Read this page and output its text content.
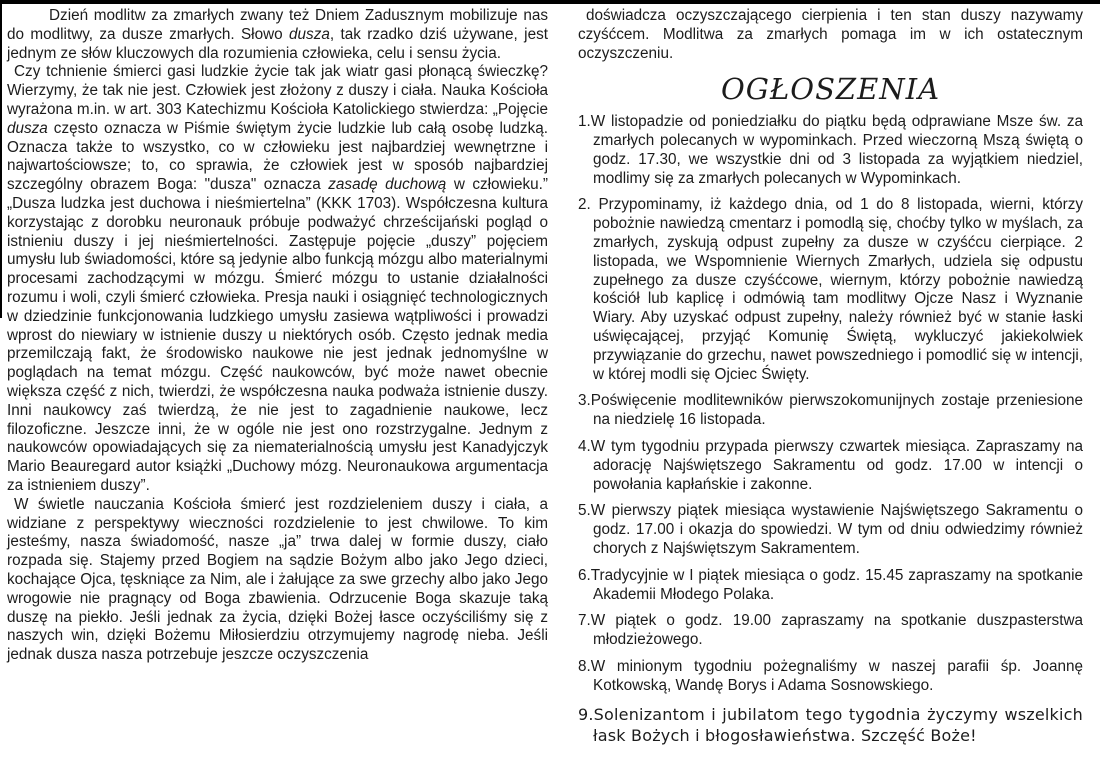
Dzień modlitw za zmarłych zwany też Dniem Zadusznym mobilizuje nas do modlitwy, za dusze zmarłych. Słowo dusza, tak rzadko dziś używane, jest jednym ze słów kluczowych dla rozumienia człowieka, celu i sensu życia.

Czy tchnienie śmierci gasi ludzkie życie tak jak wiatr gasi płonącą świeczkę? Wierzymy, że tak nie jest. Człowiek jest złożony z duszy i ciała. Nauka Kościoła wyrażona m.in. w art. 303 Katechizmu Kościoła Katolickiego stwierdza: „Pojęcie dusza często oznacza w Piśmie świętym życie ludzkie lub całą osobę ludzką. Oznacza także to wszystko, co w człowieku jest najbardziej wewnętrzne i najwartościowsze; to, co sprawia, że człowiek jest w sposób najbardziej szczególny obrazem Boga: "dusza" oznacza zasadę duchową w człowieku.” „Dusza ludzka jest duchowa i nieśmiertelna” (KKK 1703). Współczesna kultura korzystając z dorobku neuronauk próbuje podważyć chrześcijański pogląd o istnieniu duszy i jej nieśmiertelności. Zastępuje pojęcie „duszy” pojęciem umysłu lub świadomości, które są jedynie albo funkcją mózgu albo materialnymi procesami zachodzącymi w mózgu. Śmierć mózgu to ustanie działalności rozumu i woli, czyli śmierć człowieka. Presja nauki i osiągnięć technologicznych w dziedzinie funkcjonowania ludzkiego umysłu zasiewa wątpliwości i prowadzi wprost do niewiary w istnienie duszy u niektórych osób. Często jednak media przemilczają fakt, że środowisko naukowe nie jest jednak jednomyślne w poglądach na temat mózgu. Część naukowców, być może nawet obecnie większa część z nich, twierdzi, że współczesna nauka podważa istnienie duszy. Inni naukowcy zaś twierdzą, że nie jest to zagadnienie naukowe, lecz filozoficzne. Jeszcze inni, że w ogóle nie jest ono rozstrzygalne. Jednym z naukowców opowiadających się za niematerialnością umysłu jest Kanadyjczyk Mario Beauregard autor książki „Duchowy mózg. Neuronaukowa argumentacja za istnieniem duszy”.

W świetle nauczania Kościoła śmierć jest rozdzieleniem duszy i ciała, a widziane z perspektywy wieczności rozdzielenie to jest chwilowe. To kim jesteśmy, nasza świadomość, nasze „ja” trwa dalej w formie duszy, ciało rozpada się. Stajemy przed Bogiem na sądzie Bożym albo jako Jego dzieci, kochające Ojca, tęskniące za Nim, ale i żałujące za swe grzechy albo jako Jego wrogowie nie pragnący od Boga zbawienia. Odrzucenie Boga skazuje taką duszę na piekło. Jeśli jednak za życia, dzięki Bożej łasce oczyściliśmy się z naszych win, dzięki Bożemu Miłosierdziu otrzymujemy nagrodę nieba. Jeśli jednak dusza nasza potrzebuje jeszcze oczyszczenia

doświadcza oczyszczającego cierpienia i ten stan duszy nazywamy czyśćcem. Modlitwa za zmarłych pomaga im w ich ostatecznym oczyszczeniu.

OGŁOSZENIA
1.W listopadzie od poniedziałku do piątku będą odprawiane Msze św. za zmarłych polecanych w wypominkach. Przed wieczorną Mszą świętą o godz. 17.30, we wszystkie dni od 3 listopada za wyjątkiem niedziel, modlimy się za zmarłych polecanych w Wypominkach.
2. Przypominamy, iż każdego dnia, od 1 do 8 listopada, wierni, którzy pobożnie nawiedzą cmentarz i pomodlą się, choćby tylko w myślach, za zmarłych, zyskują odpust zupełny za dusze w czyśćcu cierpiące. 2 listopada, we Wspomnienie Wiernych Zmarłych, udziela się odpustu zupełnego za dusze czyśćcowe, wiernym, którzy pobożnie nawiedzą kościół lub kaplicę i odmówią tam modlitwy Ojcze Nasz i Wyznanie Wiary. Aby uzyskać odpust zupełny, należy również być w stanie łaski uświęcającej, przyjąć Komunię Świętą, wykluczyć jakiekolwiek przywiązanie do grzechu, nawet powszedniego i pomodlić się w intencji, w której modli się Ojciec Święty.
3.Poświęcenie modlitewników pierwszokomunijnych zostaje przeniesione na niedzielę 16 listopada.
4.W tym tygodniu przypada pierwszy czwartek miesiąca. Zapraszamy na adorację Najświętszego Sakramentu od godz. 17.00 w intencji o powołania kapłańskie i zakonne.
5.W pierwszy piątek miesiąca wystawienie Najświętszego Sakramentu o godz. 17.00 i okazja do spowiedzi. W tym od dniu odwiedzimy również chorych z Najświętszym Sakramentem.
6.Tradycyjnie w I piątek miesiąca o godz. 15.45 zapraszamy na spotkanie Akademii Młodego Polaka.
7.W piątek o godz. 19.00 zapraszamy na spotkanie duszpasterstwa młodzieżowego.
8.W minionym tygodniu pożegnaliśmy w naszej parafii śp. Joannę Kotkowską, Wandę Borys i Adama Sosnowskiego.
9.Solenizantom i jubilatom tego tygodnia życzymy wszelkich łask Bożych i błogosławieństwa. Szczęść Boże!
